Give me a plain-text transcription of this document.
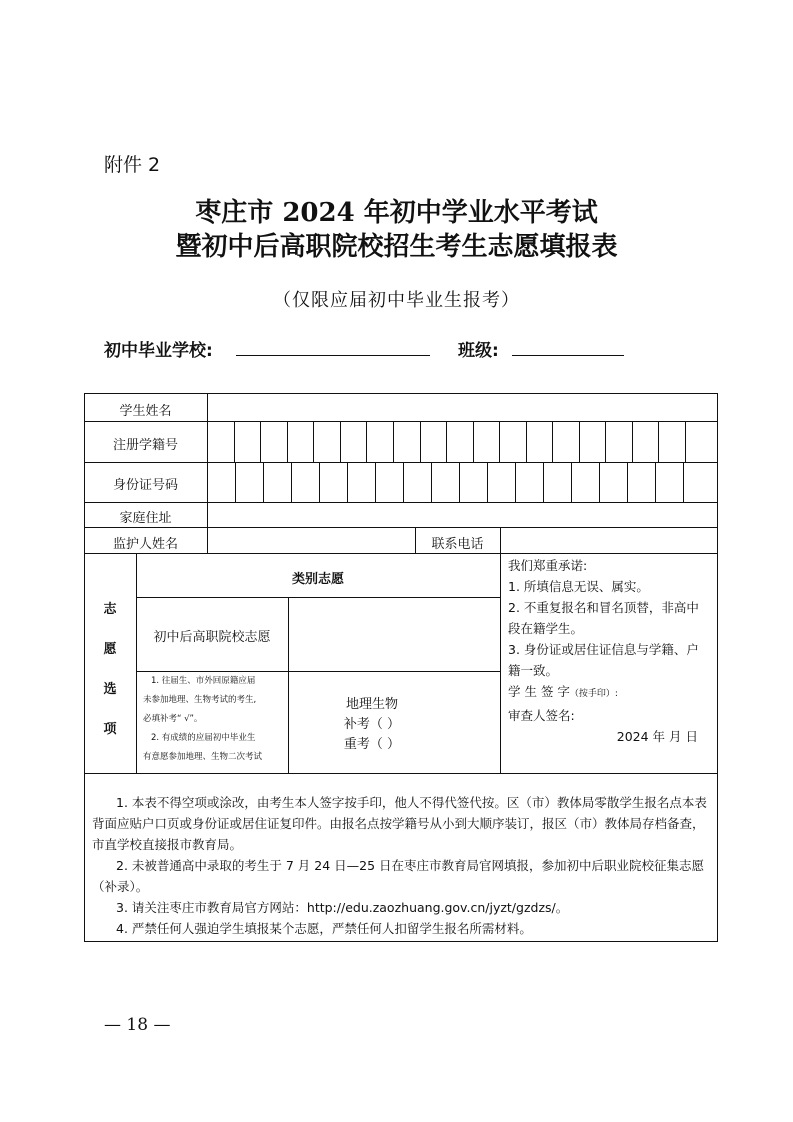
附件 2
枣庄市 2024 年初中学业水平考试
暨初中后高职院校招生考生志愿填报表
（仅限应届初中毕业生报考）
初中毕业学校:	班级:
学生姓名
注册学籍号
身份证号码
家庭住址
监护人姓名	联系电话
志
愿
选
项
类别志愿
初中后高职院校志愿
1. 往届生、市外回原籍应届
未参加地理、生物考试的考生,
必填补考“ √”。
2. 有成绩的应届初中毕业生
有意愿参加地理、生物二次考试
地理生物
补考（ ）
重考（ ）
我们郑重承诺:
1. 所填信息无误、属实。
2. 不重复报名和冒名顶替，非高中
段在籍学生。
3. 身份证或居住证信息与学籍、户
籍一致。
学 生 签 字（按手印）:
审查人签名:
2024 年 月 日

1. 本表不得空项或涂改，由考生本人签字按手印，他人不得代签代按。区（市）教体局零散学生报名点本表背面应贴户口页或身份证或居住证复印件。由报名点按学籍号从小到大顺序装订，报区（市）教体局存档备查，市直学校直接报市教育局。

2. 未被普通高中录取的考生于 7 月 24 日—25 日在枣庄市教育局官网填报，参加初中后职业院校征集志愿（补录）。

3. 请关注枣庄市教育局官方网站：http://edu.zaozhuang.gov.cn/jyzt/gzdzs/。

4. 严禁任何人强迫学生填报某个志愿，严禁任何人扣留学生报名所需材料。

— 18 —
